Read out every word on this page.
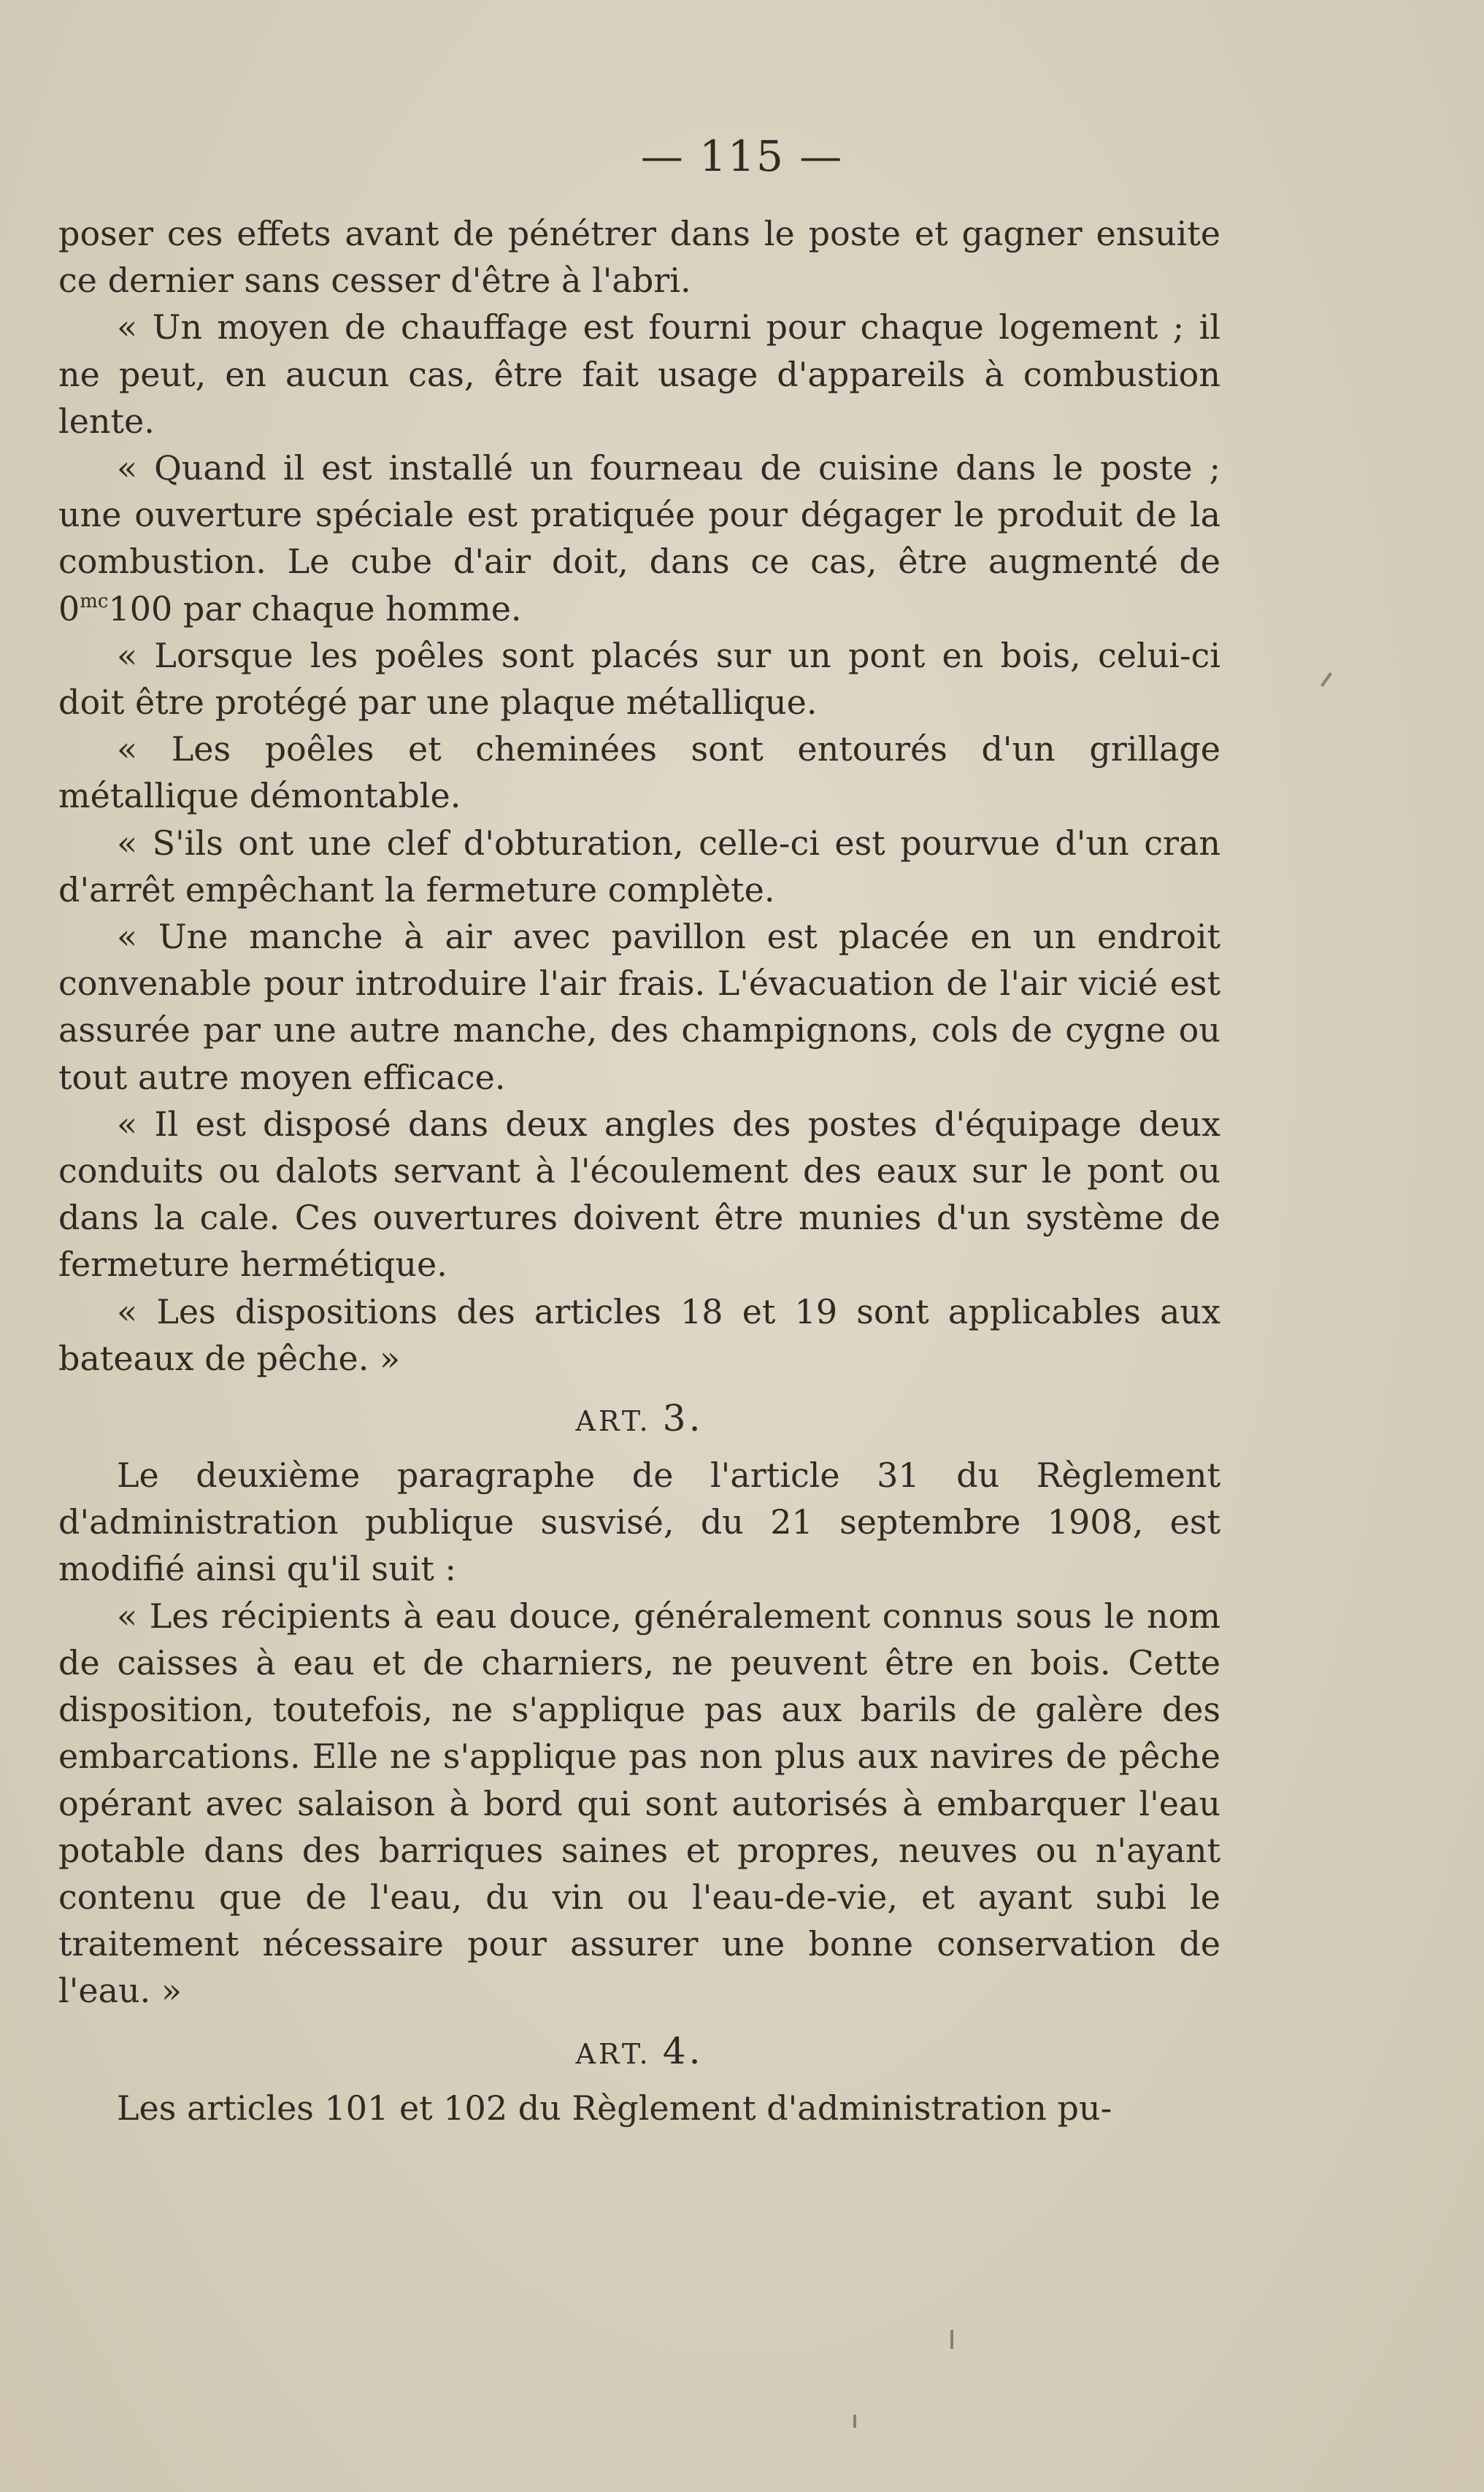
— 115 —

poser ces effets avant de pénétrer dans le poste et gagner ensuite ce dernier sans cesser d'être à l'abri.

« Un moyen de chauffage est fourni pour chaque logement ; il ne peut, en aucun cas, être fait usage d'appareils à combustion lente.

« Quand il est installé un fourneau de cuisine dans le poste ; une ouverture spéciale est pratiquée pour dégager le produit de la combustion. Le cube d'air doit, dans ce cas, être augmenté de $0^{mc}100$ par chaque homme.

« Lorsque les poêles sont placés sur un pont en bois, celui-ci doit être protégé par une plaque métallique.

« Les poêles et cheminées sont entourés d'un grillage métallique démontable.

« S'ils ont une clef d'obturation, celle-ci est pourvue d'un cran d'arrêt empêchant la fermeture complète.

« Une manche à air avec pavillon est placée en un endroit convenable pour introduire l'air frais. L'évacuation de l'air vicié est assurée par une autre manche, des champignons, cols de cygne ou tout autre moyen efficace.

« Il est disposé dans deux angles des postes d'équipage deux conduits ou dalots servant à l'écoulement des eaux sur le pont ou dans la cale. Ces ouvertures doivent être munies d'un système de fermeture hermétique.

« Les dispositions des articles 18 et 19 sont applicables aux bateaux de pêche. »

ART. 3.

Le deuxième paragraphe de l'article 31 du Règlement d'administration publique susvisé, du 21 septembre 1908, est modifié ainsi qu'il suit :

« Les récipients à eau douce, généralement connus sous le nom de caisses à eau et de charniers, ne peuvent être en bois. Cette disposition, toutefois, ne s'applique pas aux barils de galère des embarcations. Elle ne s'applique pas non plus aux navires de pêche opérant avec salaison à bord qui sont autorisés à embarquer l'eau potable dans des barriques saines et propres, neuves ou n'ayant contenu que de l'eau, du vin ou l'eau-de-vie, et ayant subi le traitement nécessaire pour assurer une bonne conservation de l'eau. »

ART. 4.

Les articles 101 et 102 du Règlement d'administration pu-
